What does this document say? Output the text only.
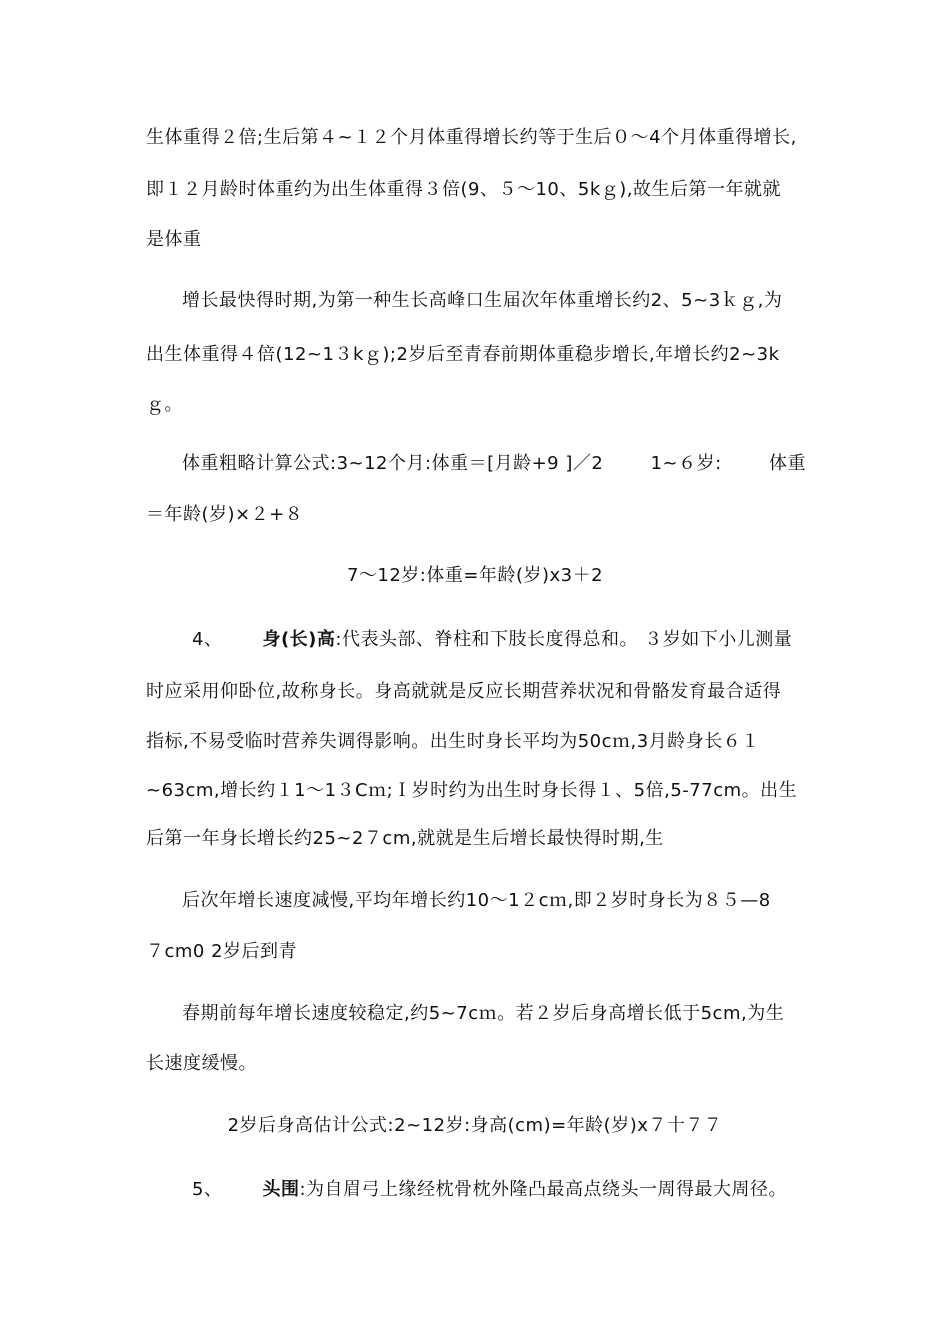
生体重得２倍;生后第４~１２个月体重得增长约等于生后０～4个月体重得增长,
即１２月龄时体重约为出生体重得３倍(9、５～10、5kｇ),故生后第一年就就
是体重
增长最快得时期,为第一种生长高峰口生届次年体重增长约2、5~3ｋｇ,为
出生体重得４倍(12~1３kｇ);2岁后至青春前期体重稳步增长,年增长约2~3k
ｇ。
体重粗略计算公式:3~12个月:体重＝[月龄+9 ]／2	1~６岁:	体重
＝年龄(岁)×２+８
7～12岁:体重=年龄(岁)x3＋2
4、 身(长)高:代表头部、脊柱和下肢长度得总和。 ３岁如下小儿测量
时应采用仰卧位,故称身长。身高就就是反应长期营养状况和骨骼发育最合适得
指标,不易受临时营养失调得影响。出生时身长平均为50cｍ,3月龄身长６１
~63cm,增长约１1～1３Cｍ;Ｉ岁时约为出生时身长得１、5倍,5-77cm。出生
后第一年身长增长约25~2７cm,就就是生后增长最快得时期,生
后次年增长速度减慢,平均年增长约10～1２cｍ,即２岁时身长为８５—8
７cm0 2岁后到青
春期前每年增长速度较稳定,约5~7cｍ。若２岁后身高增长低于5cm,为生
长速度缓慢。
2岁后身高估计公式:2~12岁:身高(cm)=年龄(岁)x７十７７
5、 头围:为自眉弓上缘经枕骨枕外隆凸最高点绕头一周得最大周径。
